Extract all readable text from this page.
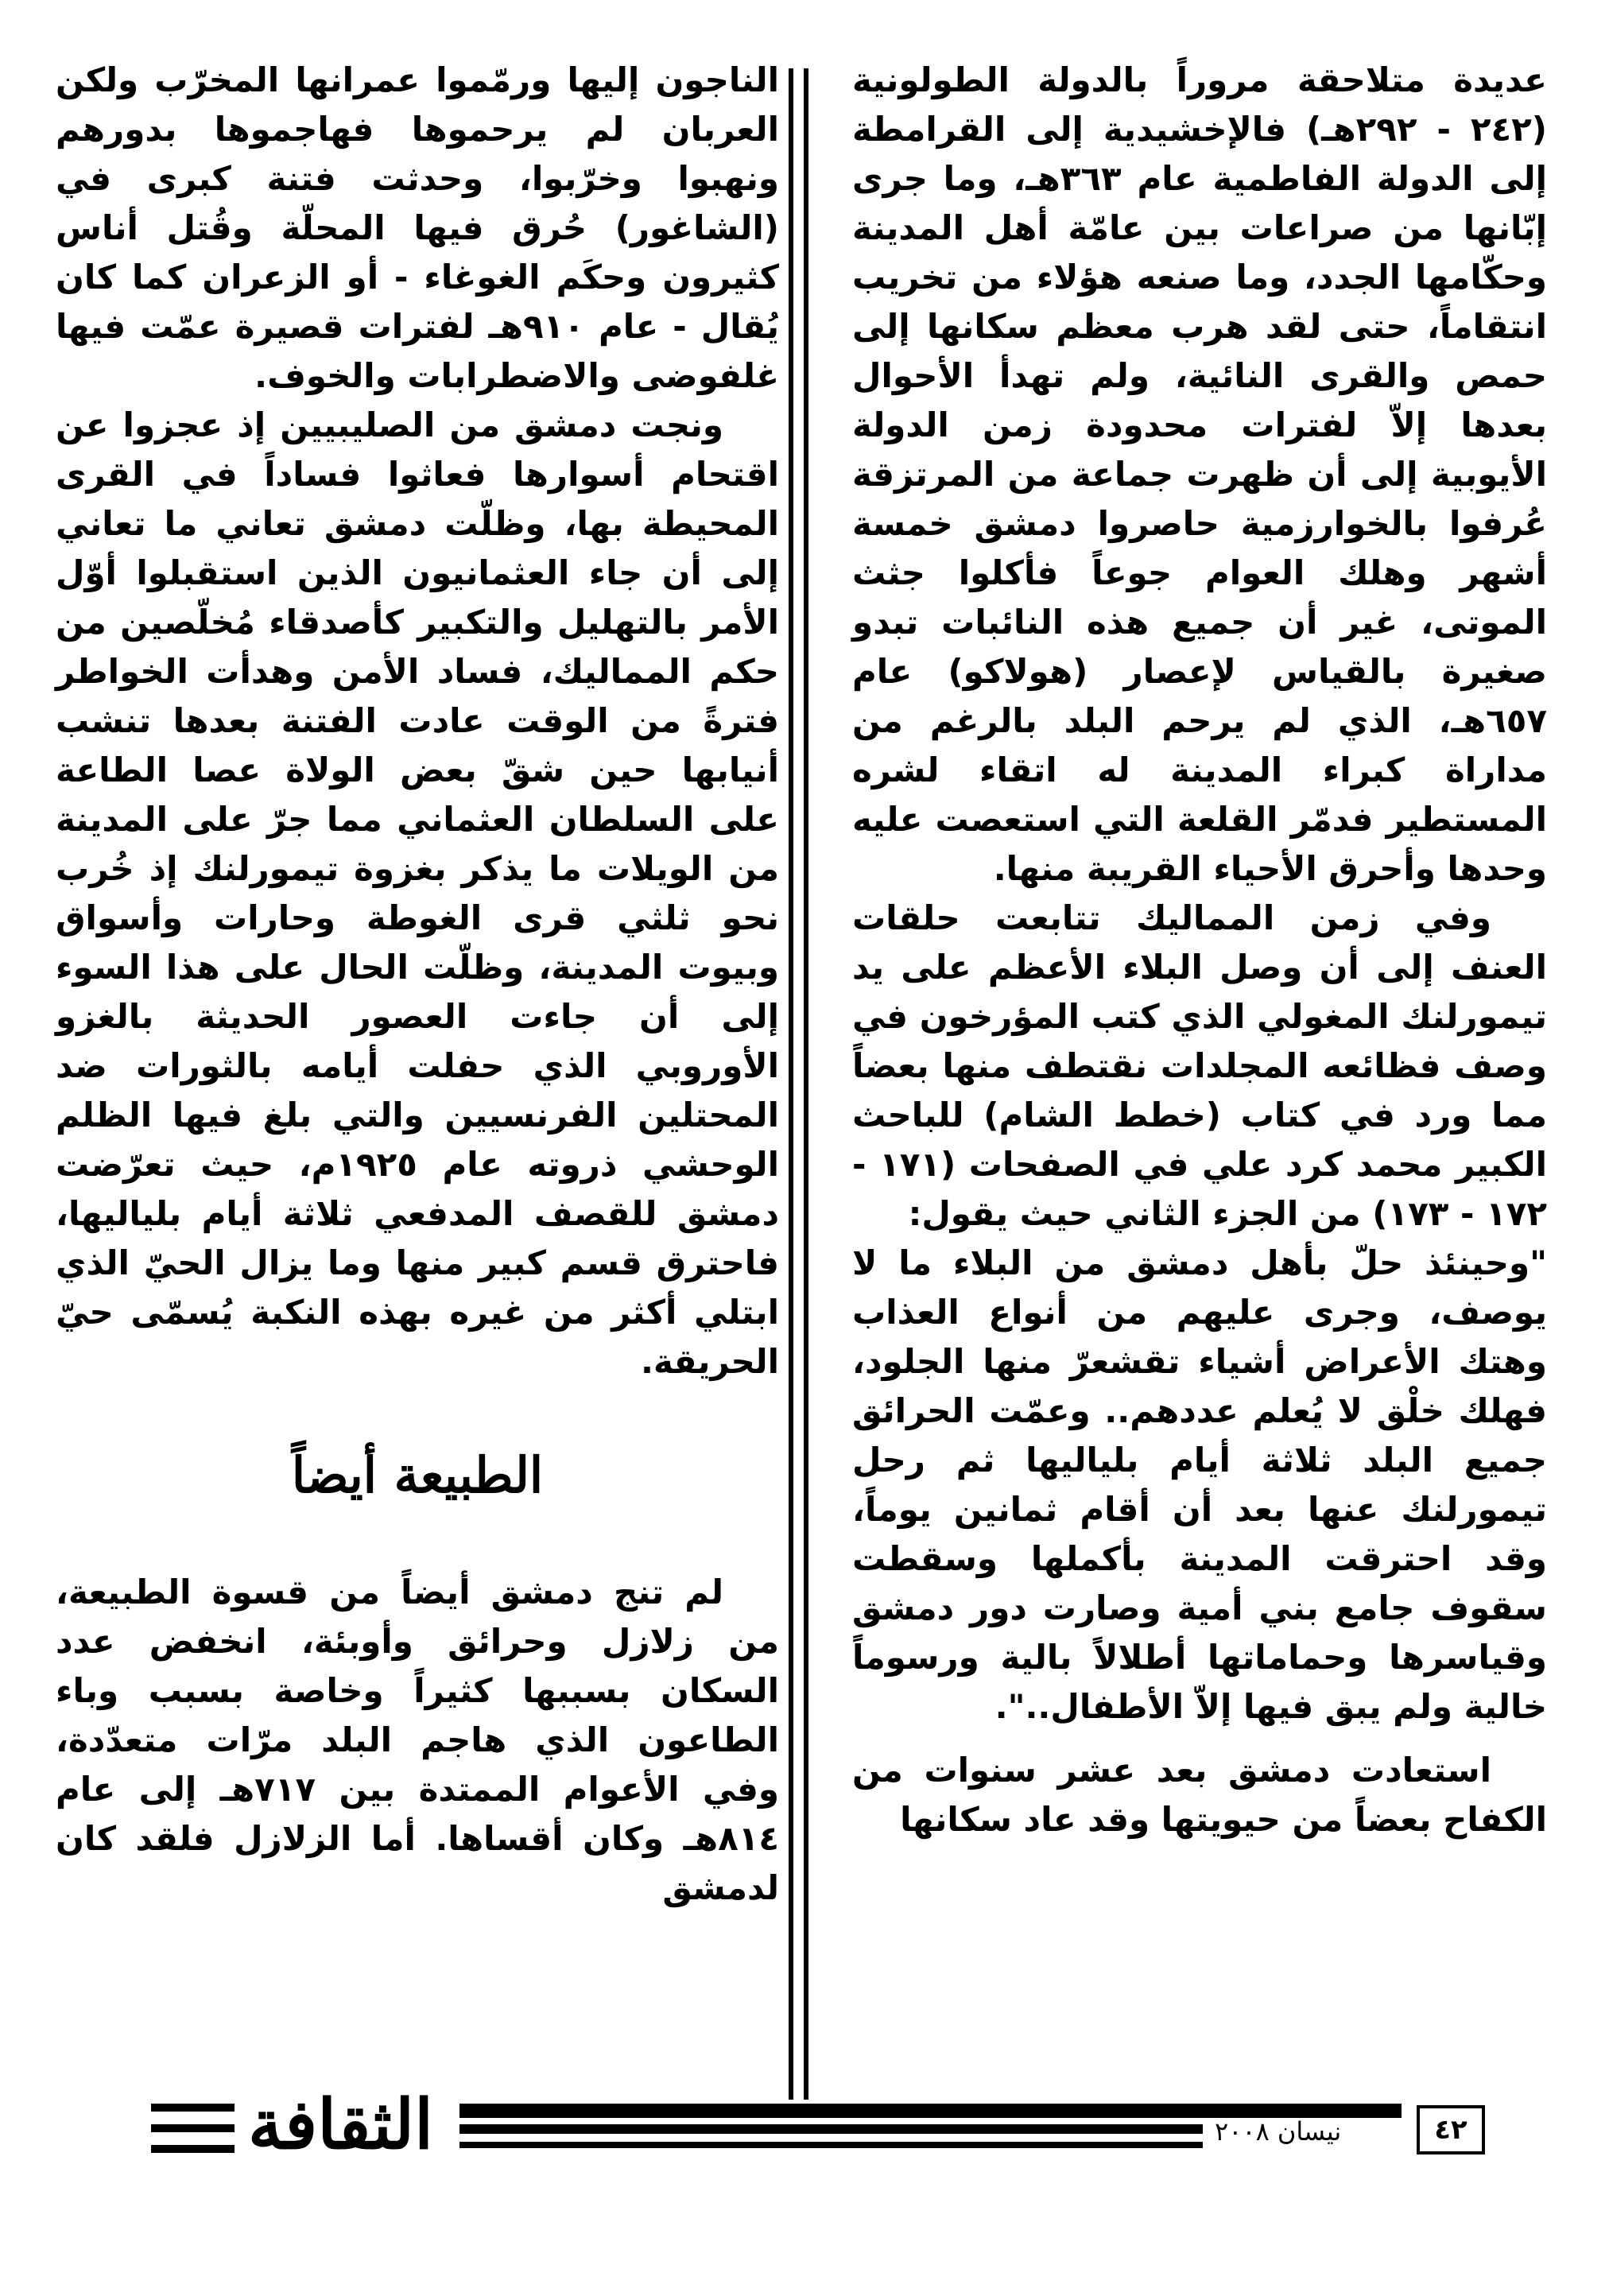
عديدة متلاحقة مروراً بالدولة الطولونية (٢٤٢ - ٢٩٢هـ) فالإخشيدية إلى القرامطة إلى الدولة الفاطمية عام ٣٦٣هـ، وما جرى إبّانها من صراعات بين عامّة أهل المدينة وحكّامها الجدد، وما صنعه هؤلاء من تخريب انتقاماً، حتى لقد هرب معظم سكانها إلى حمص والقرى النائية، ولم تهدأ الأحوال بعدها إلاّ لفترات محدودة زمن الدولة الأيوبية إلى أن ظهرت جماعة من المرتزقة عُرفوا بالخوارزمية حاصروا دمشق خمسة أشهر وهلك العوام جوعاً فأكلوا جثث الموتى، غير أن جميع هذه النائبات تبدو صغيرة بالقياس لإعصار (هولاكو) عام ٦٥٧هـ، الذي لم يرحم البلد بالرغم من مداراة كبراء المدينة له اتقاء لشره المستطير فدمّر القلعة التي استعصت عليه وحدها وأحرق الأحياء القريبة منها.

وفي زمن المماليك تتابعت حلقات العنف إلى أن وصل البلاء الأعظم على يد تيمورلنك المغولي الذي كتب المؤرخون في وصف فظائعه المجلدات نقتطف منها بعضاً مما ورد في كتاب (خطط الشام) للباحث الكبير محمد كرد علي في الصفحات (١٧١ - ١٧٢ - ١٧٣) من الجزء الثاني حيث يقول:

"وحينئذ حلّ بأهل دمشق من البلاء ما لا يوصف، وجرى عليهم من أنواع العذاب وهتك الأعراض أشياء تقشعرّ منها الجلود، فهلك خلْق لا يُعلم عددهم.. وعمّت الحرائق جميع البلد ثلاثة أيام بلياليها ثم رحل تيمورلنك عنها بعد أن أقام ثمانين يوماً، وقد احترقت المدينة بأكملها وسقطت سقوف جامع بني أمية وصارت دور دمشق وقياسرها وحماماتها أطلالاً بالية ورسوماً خالية ولم يبق فيها إلاّ الأطفال..".

استعادت دمشق بعد عشر سنوات من الكفاح بعضاً من حيويتها وقد عاد سكانها

الناجون إليها ورمّموا عمرانها المخرّب ولكن العربان لم يرحموها فهاجموها بدورهم ونهبوا وخرّبوا، وحدثت فتنة كبرى في (الشاغور) حُرق فيها المحلّة وقُتل أناس كثيرون وحكَم الغوغاء - أو الزعران كما كان يُقال - عام ٩١٠هـ لفترات قصيرة عمّت فيها غلفوضى والاضطرابات والخوف.

ونجت دمشق من الصليبيين إذ عجزوا عن اقتحام أسوارها فعاثوا فساداً في القرى المحيطة بها، وظلّت دمشق تعاني ما تعاني إلى أن جاء العثمانيون الذين استقبلوا أوّل الأمر بالتهليل والتكبير كأصدقاء مُخلّصين من حكم المماليك، فساد الأمن وهدأت الخواطر فترةً من الوقت عادت الفتنة بعدها تنشب أنيابها حين شقّ بعض الولاة عصا الطاعة على السلطان العثماني مما جرّ على المدينة من الويلات ما يذكر بغزوة تيمورلنك إذ خُرب نحو ثلثي قرى الغوطة وحارات وأسواق وبيوت المدينة، وظلّت الحال على هذا السوء إلى أن جاءت العصور الحديثة بالغزو الأوروبي الذي حفلت أيامه بالثورات ضد المحتلين الفرنسيين والتي بلغ فيها الظلم الوحشي ذروته عام ١٩٢٥م، حيث تعرّضت دمشق للقصف المدفعي ثلاثة أيام بلياليها، فاحترق قسم كبير منها وما يزال الحيّ الذي ابتلي أكثر من غيره بهذه النكبة يُسمّى حيّ الحريقة.

الطبيعة أيضاً

لم تنج دمشق أيضاً من قسوة الطبيعة، من زلازل وحرائق وأوبئة، انخفض عدد السكان بسببها كثيراً وخاصة بسبب وباء الطاعون الذي هاجم البلد مرّات متعدّدة، وفي الأعوام الممتدة بين ٧١٧هـ إلى عام ٨١٤هـ وكان أقساها. أما الزلازل فلقد كان لدمشق

الثقافة	نيسان ٢٠٠٨	٤٢
